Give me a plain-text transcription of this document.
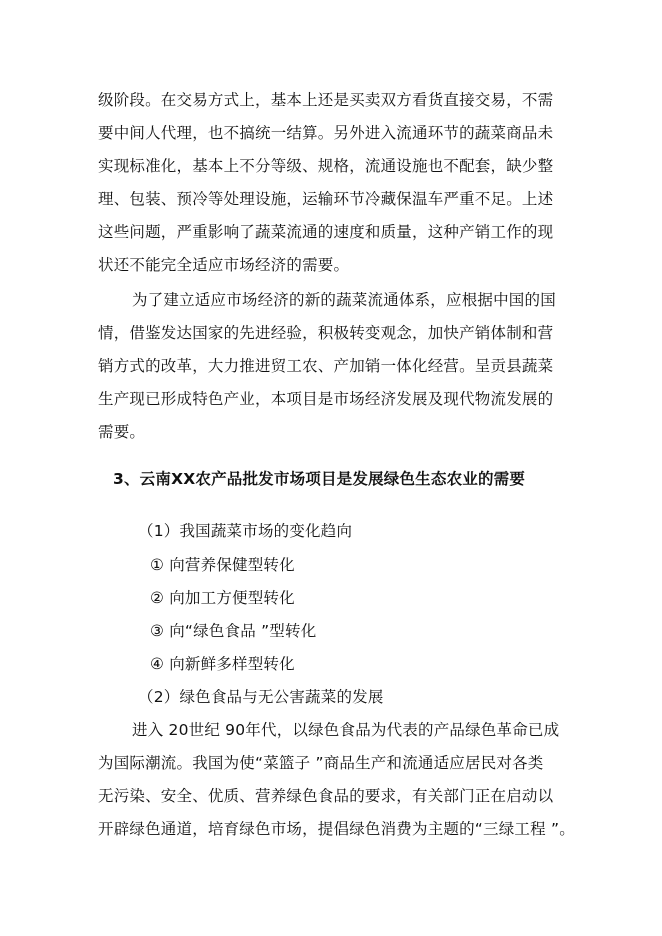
级阶段。在交易方式上，基本上还是买卖双方看货直接交易，不需
要中间人代理，也不搞统一结算。另外进入流通环节的蔬菜商品未
实现标准化，基本上不分等级、规格，流通设施也不配套，缺少整
理、包装、预冷等处理设施，运输环节冷藏保温车严重不足。上述
这些问题，严重影响了蔬菜流通的速度和质量，这种产销工作的现
状还不能完全适应市场经济的需要。
为了建立适应市场经济的新的蔬菜流通体系，应根据中国的国
情，借鉴发达国家的先进经验，积极转变观念，加快产销体制和营
销方式的改革，大力推进贸工农、产加销一体化经营。呈贡县蔬菜
生产现已形成特色产业，本项目是市场经济发展及现代物流发展的
需要。
3、云南XX农产品批发市场项目是发展绿色生态农业的需要
（1）我国蔬菜市场的变化趋向
① 向营养保健型转化
② 向加工方便型转化
③ 向“绿色食品 ”型转化
④ 向新鲜多样型转化
（2）绿色食品与无公害蔬菜的发展
进入 20世纪 90年代，以绿色食品为代表的产品绿色革命已成
为国际潮流。我国为使“菜篮子 ”商品生产和流通适应居民对各类
无污染、安全、优质、营养绿色食品的要求，有关部门正在启动以
开辟绿色通道，培育绿色市场，提倡绿色消费为主题的“三绿工程 ”。
